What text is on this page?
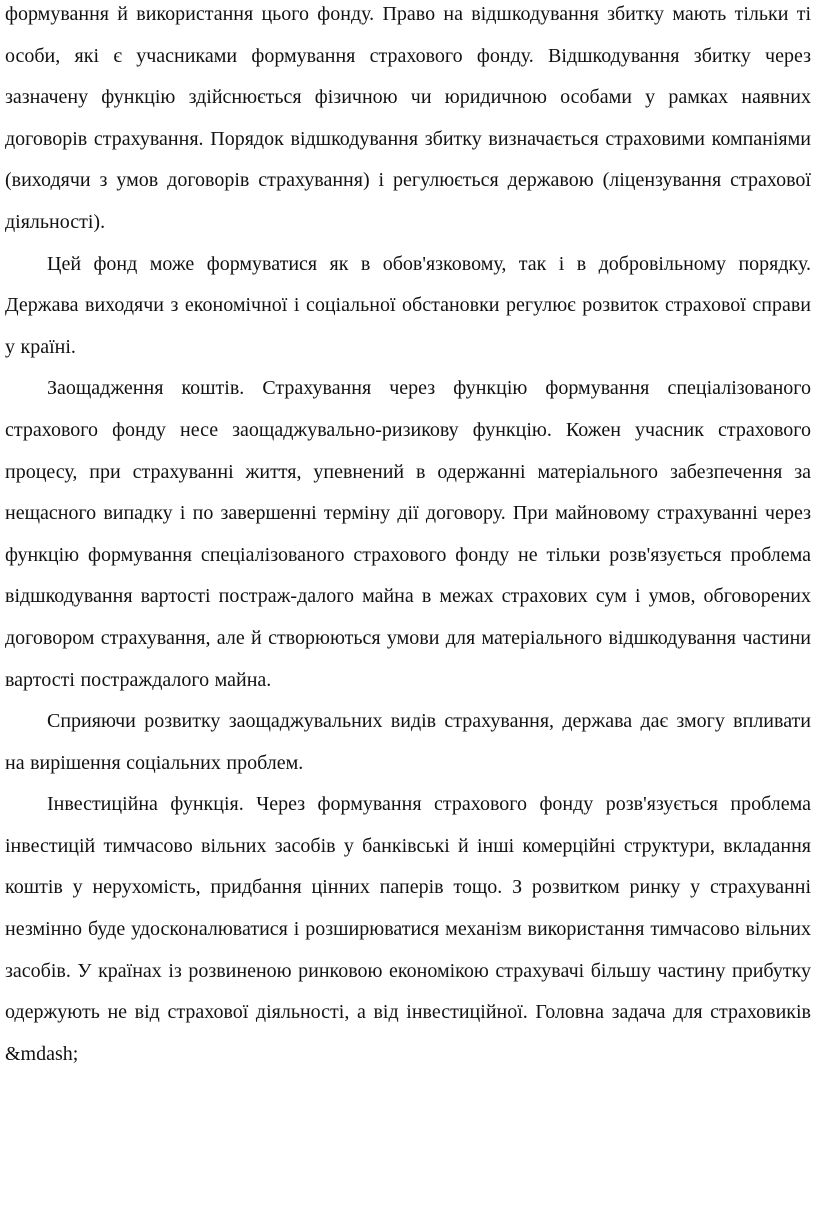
формування й використання цього фонду. Право на відшкодування збитку мають тільки ті особи, які є учасниками формування страхового фонду. Відшкодування збитку через зазначену функцію здійснюється фізичною чи юридичною особами у рамках наявних договорів страхування. Порядок відшкодування збитку визначається страховими компаніями (виходячи з умов договорів страхування) і регулюється державою (ліцензування страхової діяльності).

Цей фонд може формуватися як в обов'язковому, так і в добровільному порядку. Держава виходячи з економічної і соціальної обстановки регулює розвиток страхової справи у країні.

Заощадження коштів. Страхування через функцію формування спеціалізованого страхового фонду несе заощаджувально-ризикову функцію. Кожен учасник страхового процесу, при страхуванні життя, упевнений в одержанні матеріального забезпечення за нещасного випадку і по завершенні терміну дії договору. При майновому страхуванні через функцію формування спеціалізованого страхового фонду не тільки розв'язується проблема відшкодування вартості постраж-далого майна в межах страхових сум і умов, обговорених договором страхування, але й створюються умови для матеріального відшкодування частини вартості постраждалого майна.

Сприяючи розвитку заощаджувальних видів страхування, держава дає змогу впливати на вирішення соціальних проблем.

Інвестиційна функція. Через формування страхового фонду розв'язується проблема інвестицій тимчасово вільних засобів у банківські й інші комерційні структури, вкладання коштів у нерухомість, придбання цінних паперів тощо. З розвитком ринку у страхуванні незмінно буде удосконалюватися і розширюватися механізм використання тимчасово вільних засобів. У країнах із розвиненою ринковою економікою страхувачі більшу частину прибутку одержують не від страхової діяльності, а від інвестиційної. Головна задача для страховиків &mdash;
